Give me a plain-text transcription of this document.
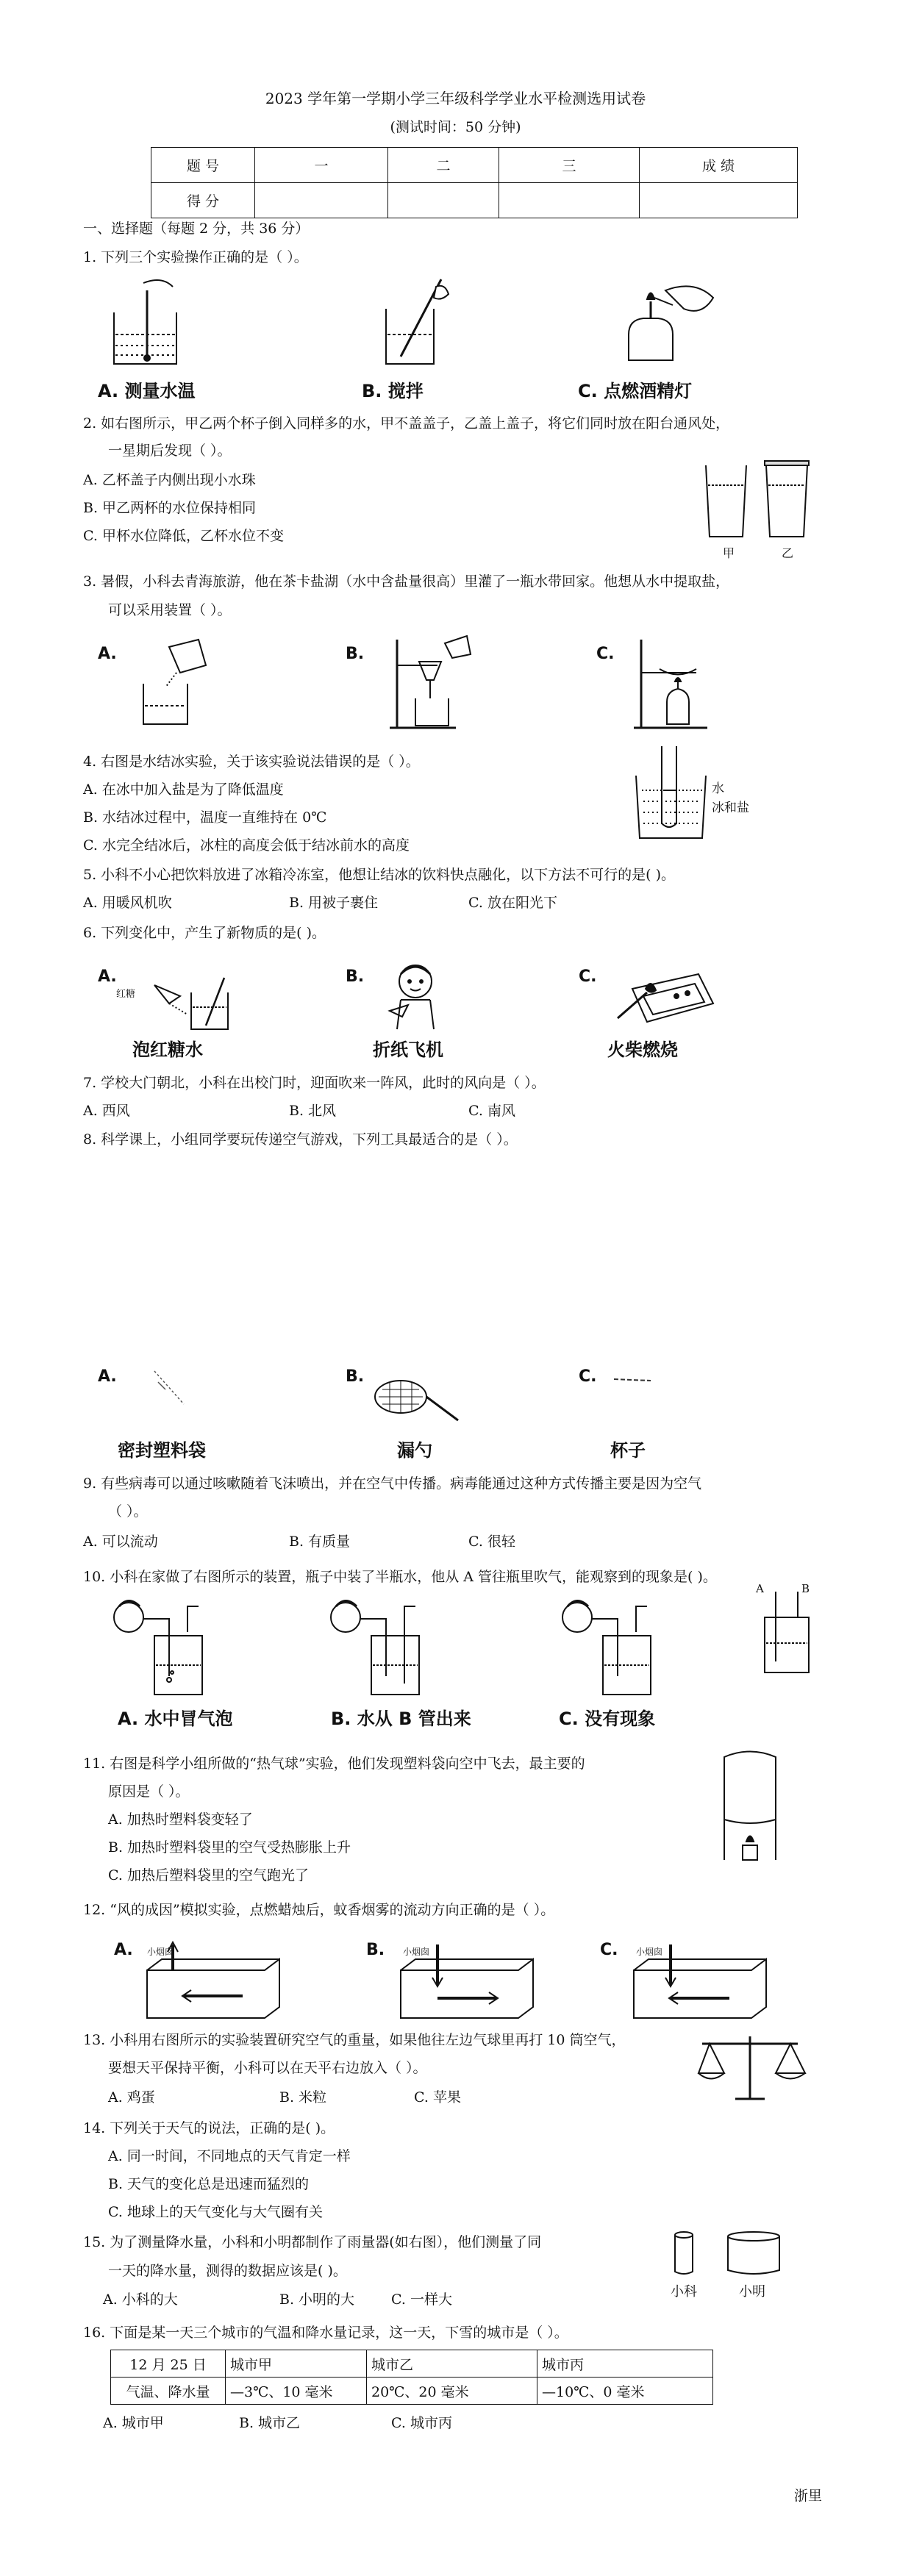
2023 学年第一学期小学三年级科学学业水平检测选用试卷
(测试时间：50 分钟)
题 号	一	二	三	成 绩
得 分				
一、选择题（每题 2 分，共 36 分）
1. 下列三个实验操作正确的是（ ）。
A. 测量水温	B. 搅拌	C. 点燃酒精灯
2. 如右图所示，甲乙两个杯子倒入同样多的水，甲不盖盖子，乙盖上盖子，将它们同时放在阳台通风处，
一星期后发现（ ）。
A. 乙杯盖子内侧出现小水珠
B. 甲乙两杯的水位保持相同
C. 甲杯水位降低，乙杯水位不变
甲	乙
3. 暑假，小科去青海旅游，他在茶卡盐湖（水中含盐量很高）里灌了一瓶水带回家。他想从水中提取盐，
可以采用装置（ ）。
A.	B.	C.
4. 右图是水结冰实验，关于该实验说法错误的是（ ）。
A. 在冰中加入盐是为了降低温度
B. 水结冰过程中，温度一直维持在 0℃
C. 水完全结冰后，冰柱的高度会低于结冰前水的高度
水
冰和盐
5. 小科不小心把饮料放进了冰箱冷冻室，他想让结冰的饮料快点融化，以下方法不可行的是( )。
A. 用暖风机吹	B. 用被子裹住	C. 放在阳光下
6. 下列变化中，产生了新物质的是( )。
A.	B.	C.
红糖
泡红糖水	折纸飞机	火柴燃烧
7. 学校大门朝北，小科在出校门时，迎面吹来一阵风，此时的风向是（ ）。
A. 西风	B. 北风	C. 南风
8. 科学课上，小组同学要玩传递空气游戏，下列工具最适合的是（ ）。
A.	B.	C.
密封塑料袋	漏勺	杯子
9. 有些病毒可以通过咳嗽随着飞沫喷出，并在空气中传播。病毒能通过这种方式传播主要是因为空气
（ ）。
A. 可以流动	B. 有质量	C. 很轻
10. 小科在家做了右图所示的装置，瓶子中装了半瓶水，他从 A 管往瓶里吹气，能观察到的现象是( )。
A	B
A. 水中冒气泡	B. 水从 B 管出来	C. 没有现象
11. 右图是科学小组所做的“热气球”实验，他们发现塑料袋向空中飞去，最主要的
原因是（ ）。
A. 加热时塑料袋变轻了
B. 加热时塑料袋里的空气受热膨胀上升
C. 加热后塑料袋里的空气跑光了
12. “风的成因”模拟实验，点燃蜡烛后，蚊香烟雾的流动方向正确的是（ ）。
A.	B.	C.
小烟囱	小烟囱	小烟囱
13. 小科用右图所示的实验装置研究空气的重量，如果他往左边气球里再打 10 筒空气，
要想天平保持平衡，小科可以在天平右边放入（ ）。
A. 鸡蛋	B. 米粒	C. 苹果
14. 下列关于天气的说法，正确的是( )。
A. 同一时间，不同地点的天气肯定一样
B. 天气的变化总是迅速而猛烈的
C. 地球上的天气变化与大气圈有关
15. 为了测量降水量，小科和小明都制作了雨量器(如右图），他们测量了同
一天的降水量，测得的数据应该是( )。
A. 小科的大	B. 小明的大	C. 一样大	小科	小明
16. 下面是某一天三个城市的气温和降水量记录，这一天，下雪的城市是（ ）。
12 月 25 日	城市甲	城市乙	城市丙
气温、降水量	—3℃、10 毫米	20℃、20 毫米	—10℃、0 毫米
A. 城市甲	B. 城市乙	C. 城市丙
浙里
